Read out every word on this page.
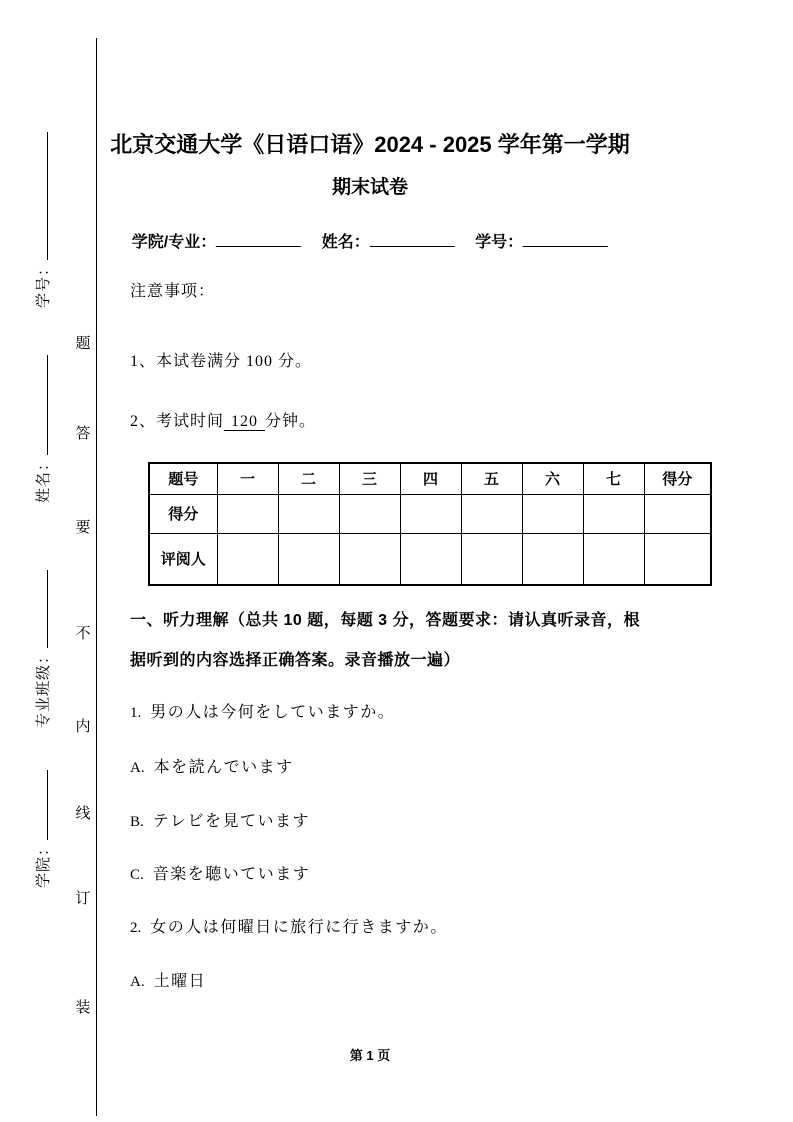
学号：
姓名：
专业班级：
学院：
题
答
要
不
内
线
订
装
北京交通大学《日语口语》2024 - 2025 学年第一学期
期末试卷
学院/专业：	姓名：	学号：
注意事项：
1、本试卷满分 100 分。
2、考试时间 120 分钟。
题号	一	二	三	四	五	六	七	得分
得分								
评阅人								
一、听力理解（总共 10 题，每题 3 分，答题要求：请认真听录音，根
据听到的内容选择正确答案。录音播放一遍）
1. 男の人は今何をしていますか。
A. 本を読んでいます
B. テレビを見ています
C. 音楽を聴いています
2. 女の人は何曜日に旅行に行きますか。
A. 土曜日
第 1 页
